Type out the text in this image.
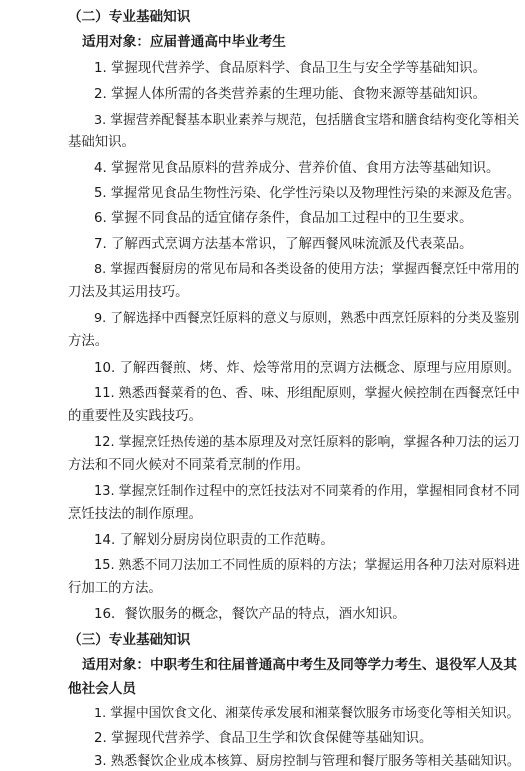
（二）专业基础知识
适用对象：应届普通高中毕业考生
1. 掌握现代营养学、食品原料学、食品卫生与安全学等基础知识。
2. 掌握人体所需的各类营养素的生理功能、食物来源等基础知识。
3. 掌握营养配餐基本职业素养与规范，包括膳食宝塔和膳食结构变化等相关
基础知识。
4. 掌握常见食品原料的营养成分、营养价值、食用方法等基础知识。
5. 掌握常见食品生物性污染、化学性污染以及物理性污染的来源及危害。
6. 掌握不同食品的适宜储存条件，食品加工过程中的卫生要求。
7. 了解西式烹调方法基本常识，了解西餐风味流派及代表菜品。
8. 掌握西餐厨房的常见布局和各类设备的使用方法；掌握西餐烹饪中常用的
刀法及其运用技巧。
9. 了解选择中西餐烹饪原料的意义与原则，熟悉中西烹饪原料的分类及鉴别
方法。
10. 了解西餐煎、烤、炸、烩等常用的烹调方法概念、原理与应用原则。
11. 熟悉西餐菜肴的色、香、味、形组配原则，掌握火候控制在西餐烹饪中
的重要性及实践技巧。
12. 掌握烹饪热传递的基本原理及对烹饪原料的影响，掌握各种刀法的运刀
方法和不同火候对不同菜肴烹制的作用。
13. 掌握烹饪制作过程中的烹饪技法对不同菜肴的作用，掌握相同食材不同
烹饪技法的制作原理。
14. 了解划分厨房岗位职责的工作范畴。
15. 熟悉不同刀法加工不同性质的原料的方法；掌握运用各种刀法对原料进
行加工的方法。
16．餐饮服务的概念，餐饮产品的特点，酒水知识。
（三）专业基础知识
适用对象：中职考生和往届普通高中考生及同等学力考生、退役军人及其
他社会人员
1. 掌握中国饮食文化、湘菜传承发展和湘菜餐饮服务市场变化等相关知识。
2. 掌握现代营养学、食品卫生学和饮食保健等基础知识。
3. 熟悉餐饮企业成本核算、厨房控制与管理和餐厅服务等相关基础知识。
